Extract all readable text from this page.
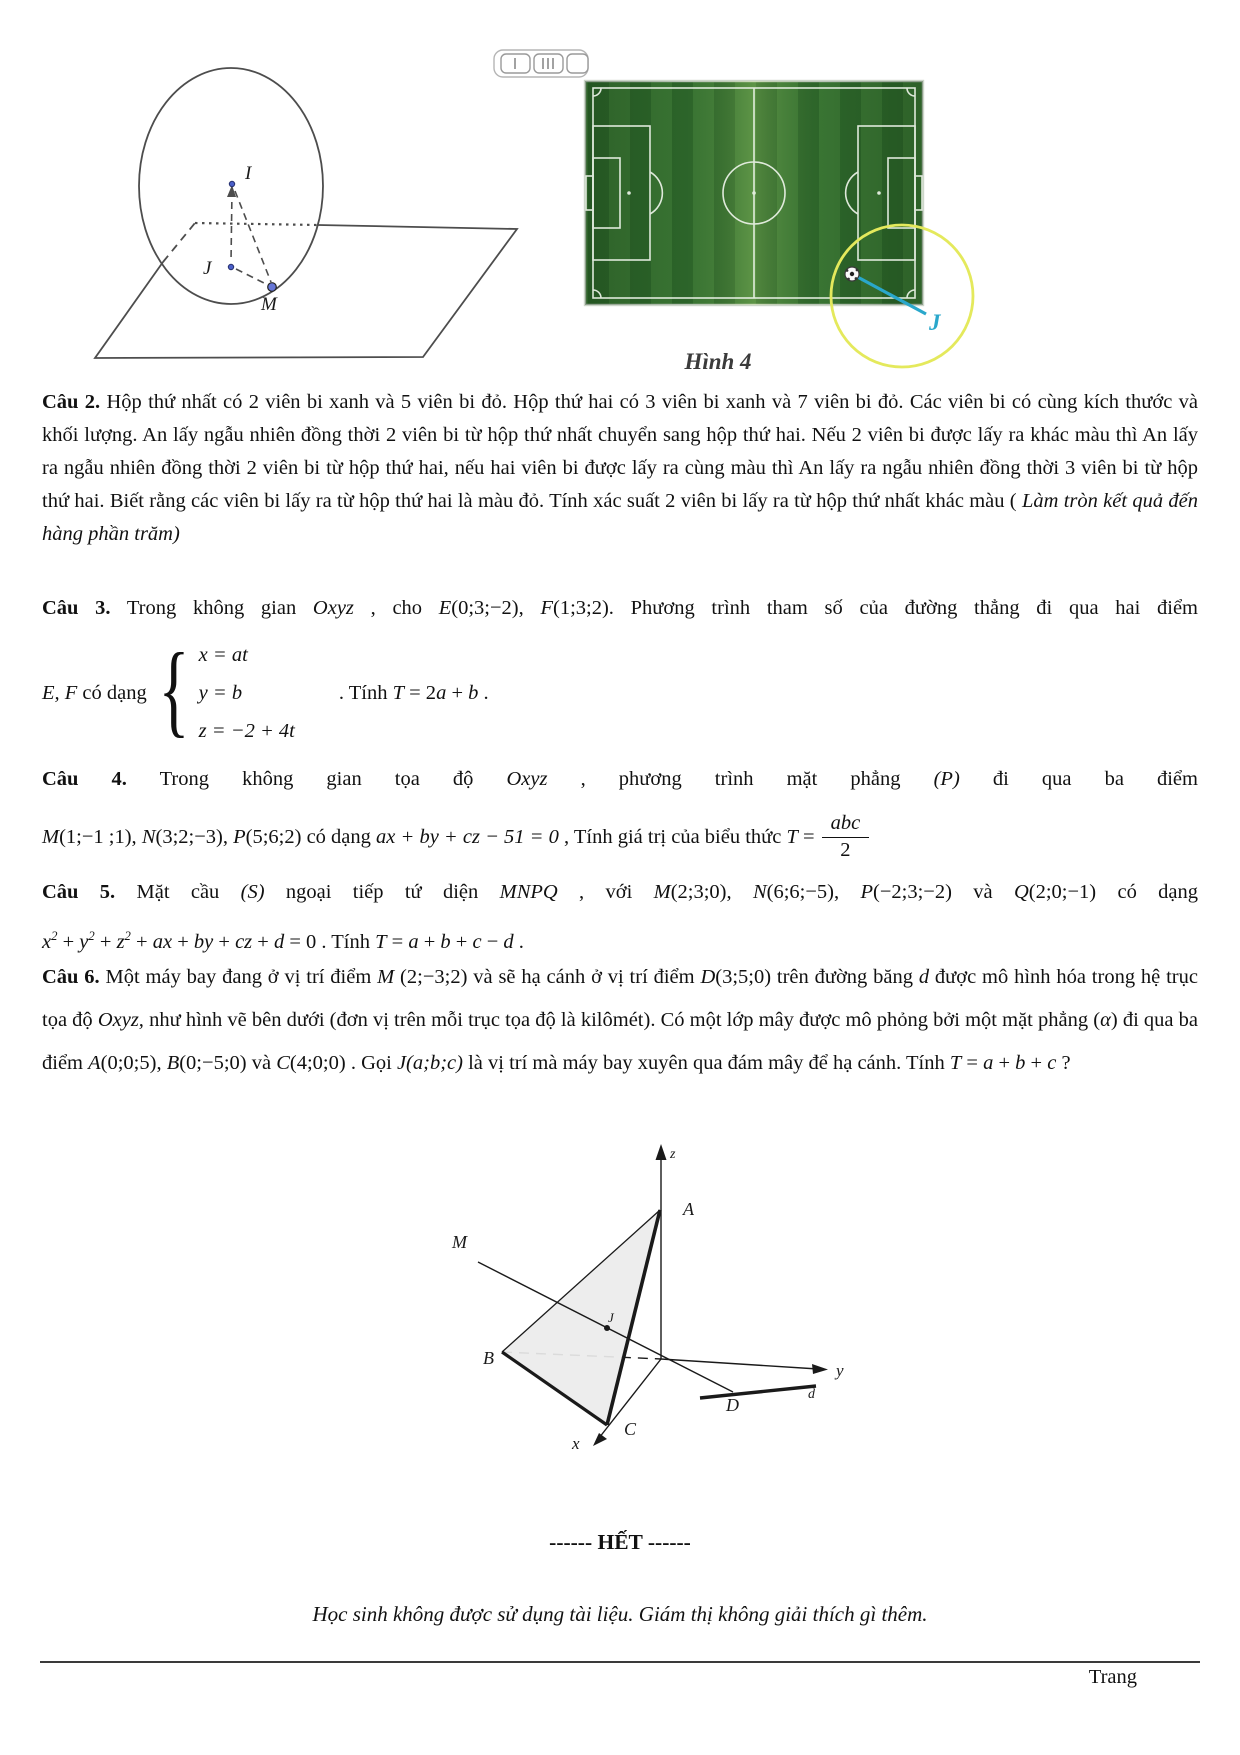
I
J
M
J
Hình 4
Câu 2. Hộp thứ nhất có 2 viên bi xanh và 5 viên bi đỏ. Hộp thứ hai có 3 viên bi xanh và 7 viên bi đỏ. Các viên bi có cùng kích thước và khối lượng. An lấy ngẫu nhiên đồng thời 2 viên bi từ hộp thứ nhất chuyển sang hộp thứ hai. Nếu 2 viên bi được lấy ra khác màu thì An lấy ra ngẫu nhiên đồng thời 2 viên bi từ hộp thứ hai, nếu hai viên bi được lấy ra cùng màu thì An lấy ra ngẫu nhiên đồng thời 3 viên bi từ hộp thứ hai. Biết rằng các viên bi lấy ra từ hộp thứ hai là màu đỏ. Tính xác suất 2 viên bi lấy ra từ hộp thứ nhất khác màu ( Làm tròn kết quả đến hàng phần trăm)
Câu 3. Trong không gian Oxyz , cho E(0;3;−2), F(1;3;2). Phương trình tham số của đường thẳng đi qua hai điểm
E, F có dạng { x = at
y = b
z = −2 + 4t
. Tính T = 2a + b .
Câu 4. Trong không gian tọa độ Oxyz , phương trình mặt phẳng (P) đi qua ba điểm
M(1;−1 ;1), N(3;2;−3), P(5;6;2) có dạng ax + by + cz − 51 = 0 , Tính giá trị của biểu thức $T = \frac{\text{abc}}{2}$
Câu 5. Mặt cầu (S) ngoại tiếp tứ diện MNPQ , với M(2;3;0), N(6;6;−5), P(−2;3;−2) và Q(2;0;−1) có dạng
$x^2 + y^2 + z^2$ + ax + by + cz + d = 0 . Tính T = a + b + c − d .
Câu 6. Một máy bay đang ở vị trí điểm M (2;−3;2) và sẽ hạ cánh ở vị trí điểm D(3;5;0) trên đường băng d được mô hình hóa trong hệ trục tọa độ Oxyz, như hình vẽ bên dưới (đơn vị trên mỗi trục tọa độ là kilômét). Có một lớp mây được mô phỏng bởi một mặt phẳng (α) đi qua ba điểm A(0;0;5), B(0;−5;0) và C(4;0;0) . Gọi J(a;b;c) là vị trí mà máy bay xuyên qua đám mây để hạ cánh. Tính T = a + b + c ?
z
A
M
J
B
y
D
d
C
x
------ HẾT ------
Học sinh không được sử dụng tài liệu. Giám thị không giải thích gì thêm.
Trang
